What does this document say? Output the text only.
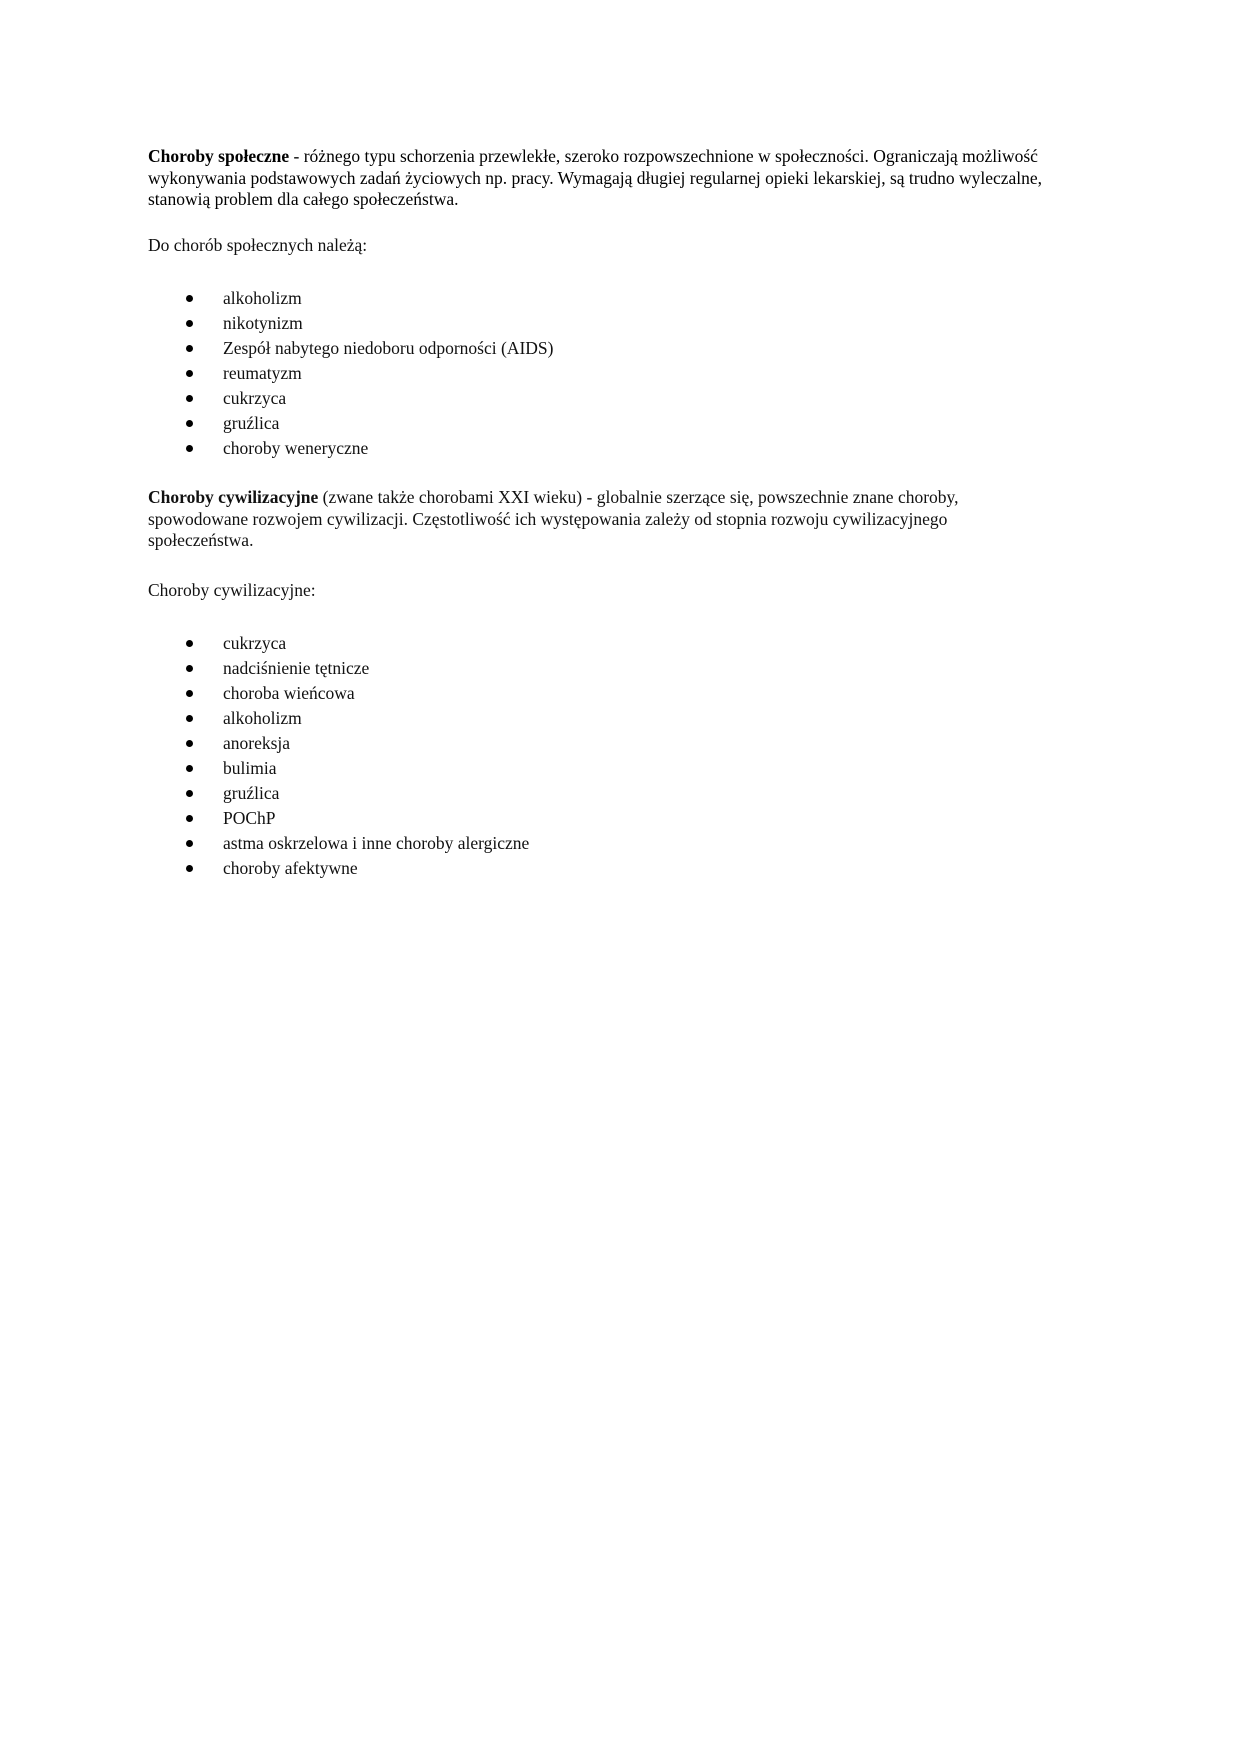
Choroby społeczne - różnego typu schorzenia przewlekłe, szeroko rozpowszechnione w społeczności. Ograniczają możliwość wykonywania podstawowych zadań życiowych np. pracy. Wymagają długiej regularnej opieki lekarskiej, są trudno wyleczalne, stanowią problem dla całego społeczeństwa.

Do chorób społecznych należą:

alkoholizm
nikotynizm
Zespół nabytego niedoboru odporności (AIDS)
reumatyzm
cukrzyca
gruźlica
choroby weneryczne

Choroby cywilizacyjne (zwane także chorobami XXI wieku) - globalnie szerzące się, powszechnie znane choroby, spowodowane rozwojem cywilizacji. Częstotliwość ich występowania zależy od stopnia rozwoju cywilizacyjnego społeczeństwa.

Choroby cywilizacyjne:

cukrzyca
nadciśnienie tętnicze
choroba wieńcowa
alkoholizm
anoreksja
bulimia
gruźlica
POChP
astma oskrzelowa i inne choroby alergiczne
choroby afektywne
